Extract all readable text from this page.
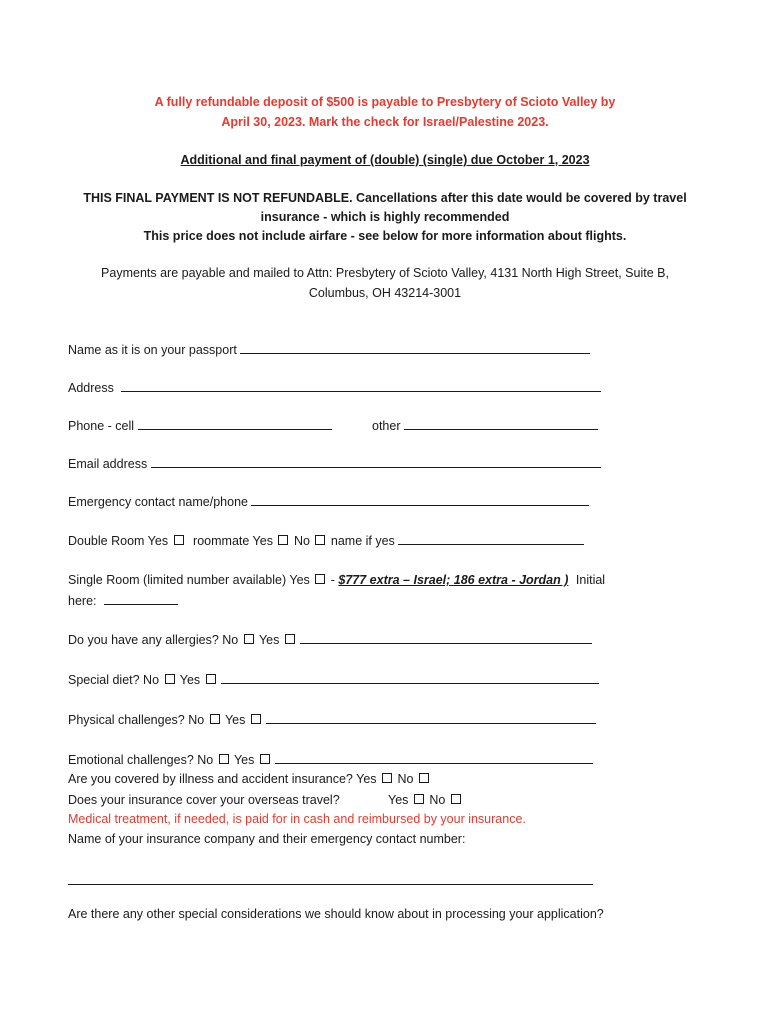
A fully refundable deposit of $500 is payable to Presbytery of Scioto Valley by
April 30, 2023. Mark the check for Israel/Palestine 2023.
Additional and final payment of (double) (single) due October 1, 2023
THIS FINAL PAYMENT IS NOT REFUNDABLE. Cancellations after this date would be covered by travel
insurance - which is highly recommended
This price does not include airfare - see below for more information about flights.
Payments are payable and mailed to Attn: Presbytery of Scioto Valley, 4131 North High Street, Suite B,
Columbus, OH 43214-3001
Name as it is on your passport
Address
Phone - cell	other
Email address
Emergency contact name/phone
Double Room Yes roommate Yes No name if yes
Single Room (limited number available) Yes  - $777 extra – Israel; 186 extra - Jordan ) Initial
here:
Do you have any allergies? No Yes
Special diet? No Yes
Physical challenges? No Yes
Emotional challenges? No Yes
Are you covered by illness and accident insurance? Yes No
Does your insurance cover your overseas travel?	Yes No
Medical treatment, if needed, is paid for in cash and reimbursed by your insurance.
Name of your insurance company and their emergency contact number:
Are there any other special considerations we should know about in processing your application?
